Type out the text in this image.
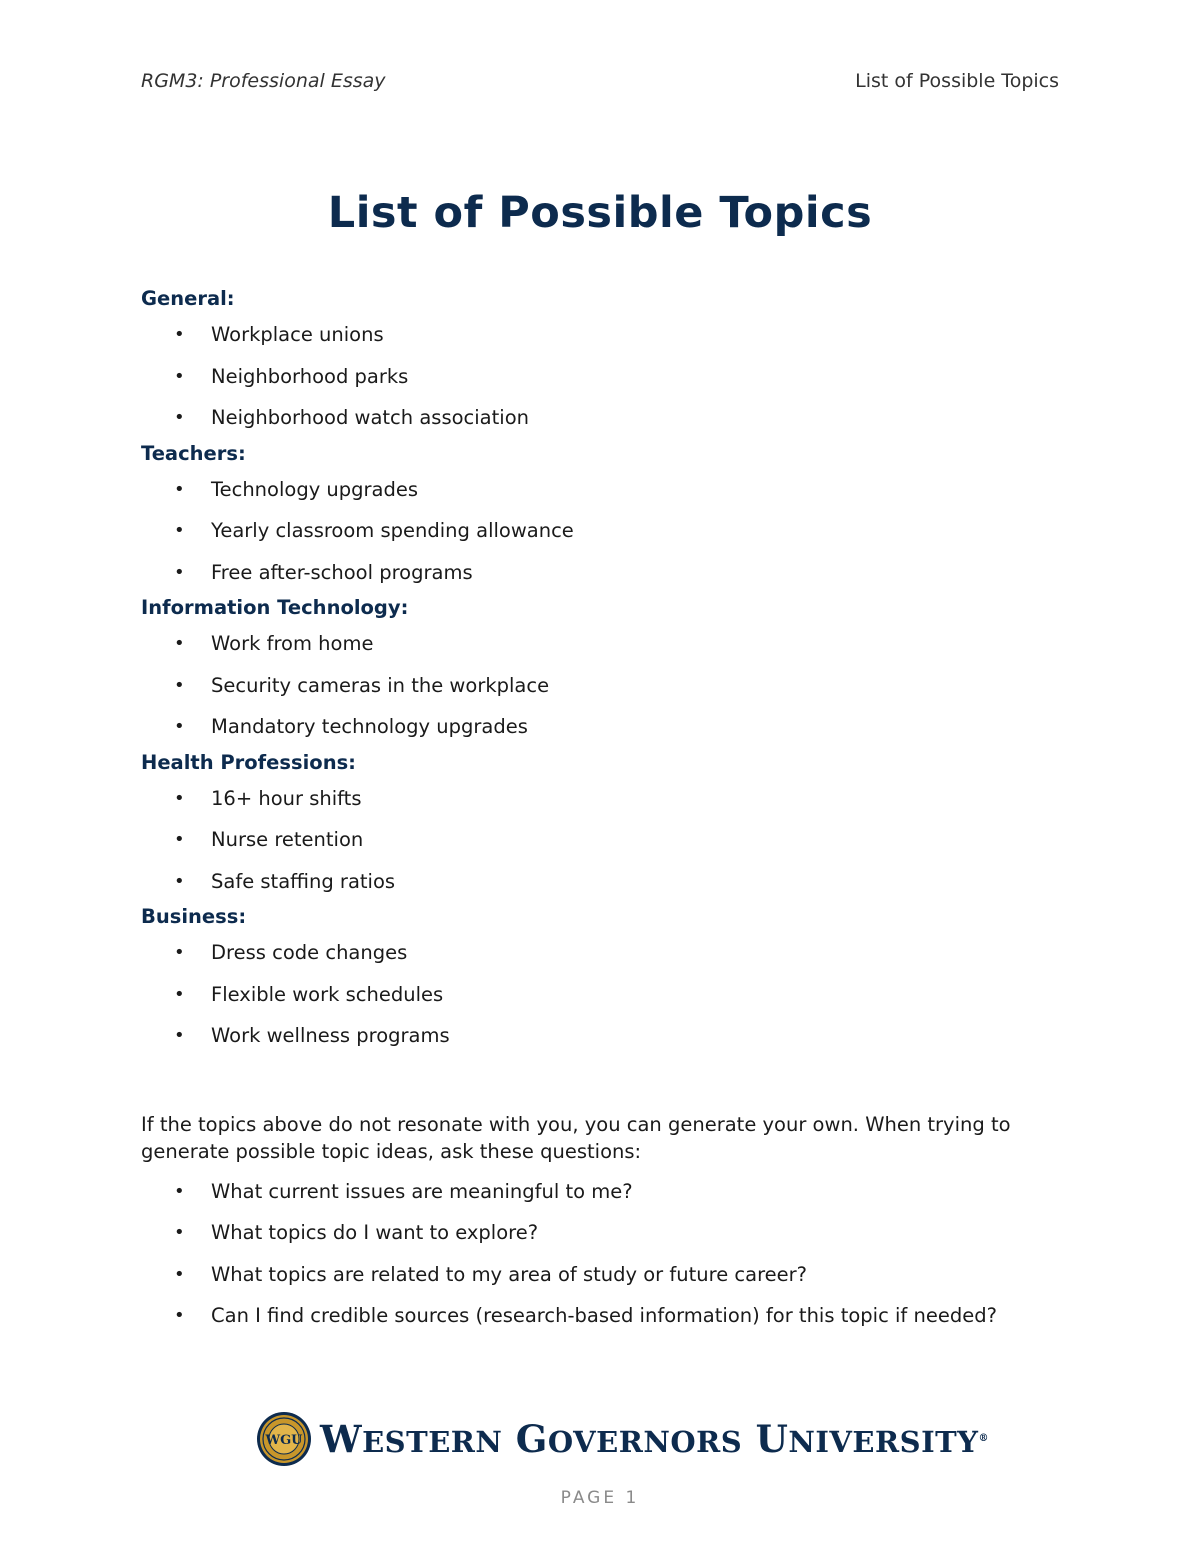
RGM3: Professional Essay	List of Possible Topics
List of Possible Topics

General:

• Workplace unions
• Neighborhood parks
• Neighborhood watch association

Teachers:

• Technology upgrades
• Yearly classroom spending allowance
• Free after-school programs

Information Technology:

• Work from home
• Security cameras in the workplace
• Mandatory technology upgrades

Health Professions:

• 16+ hour shifts
• Nurse retention
• Safe staffing ratios

Business:

• Dress code changes
• Flexible work schedules
• Work wellness programs

If the topics above do not resonate with you, you can generate your own. When trying to generate possible topic ideas, ask these questions:

• What current issues are meaningful to me?
• What topics do I want to explore?
• What topics are related to my area of study or future career?
• Can I find credible sources (research-based information) for this topic if needed?
WGU WESTERN GOVERNORS UNIVERSITY®
PAGE 1
